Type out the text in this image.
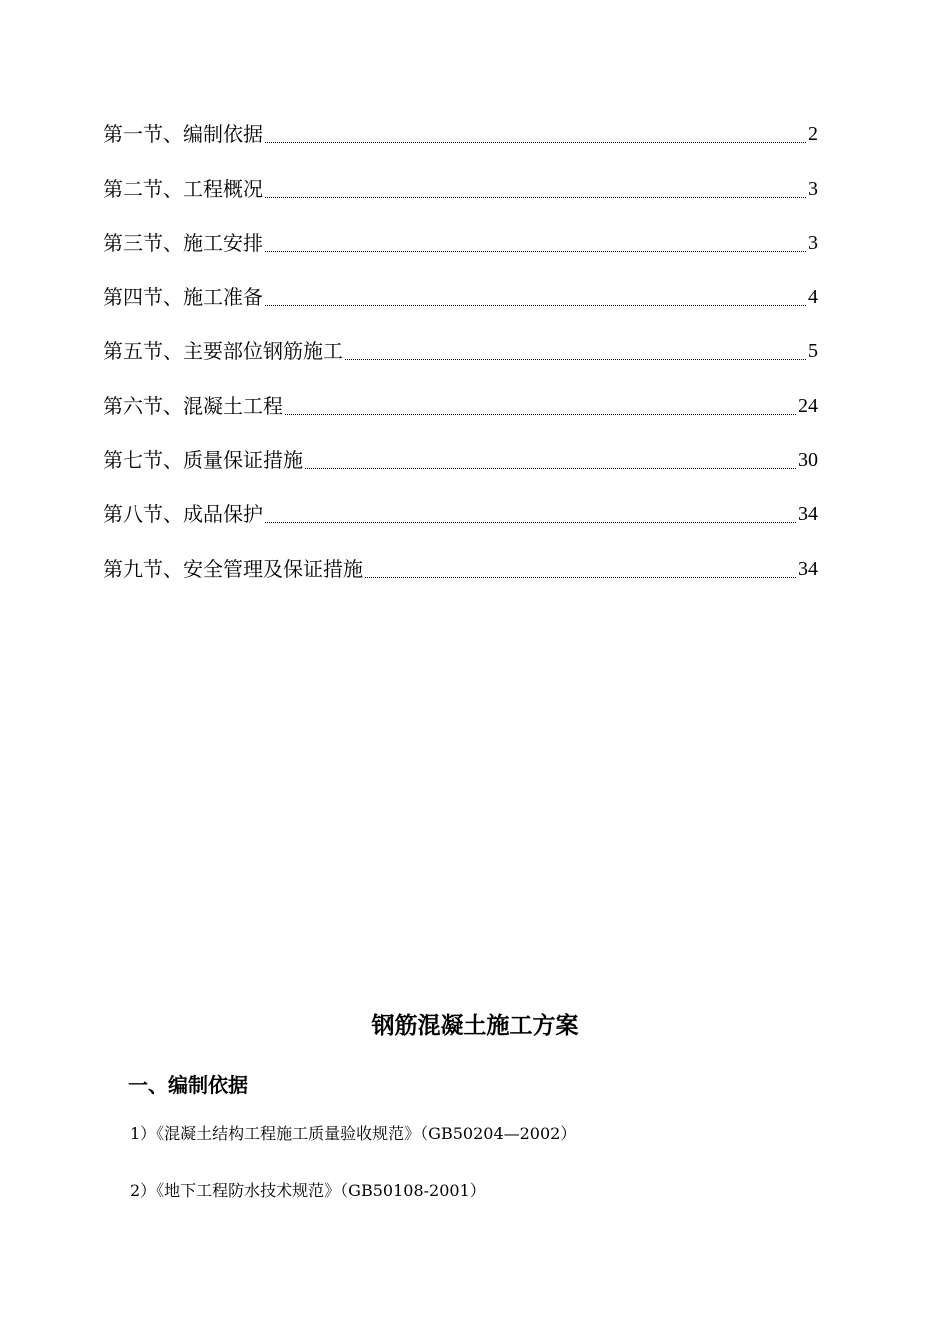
第一节、编制依据	2
第二节、工程概况	3
第三节、施工安排	3
第四节、施工准备	4
第五节、主要部位钢筋施工	5
第六节、混凝土工程	24
第七节、质量保证措施	30
第八节、成品保护	34
第九节、安全管理及保证措施	34
钢筋混凝土施工方案
一、编制依据
1）《混凝土结构工程施工质量验收规范》（GB50204—2002）
2）《地下工程防水技术规范》（GB50108-2001）
